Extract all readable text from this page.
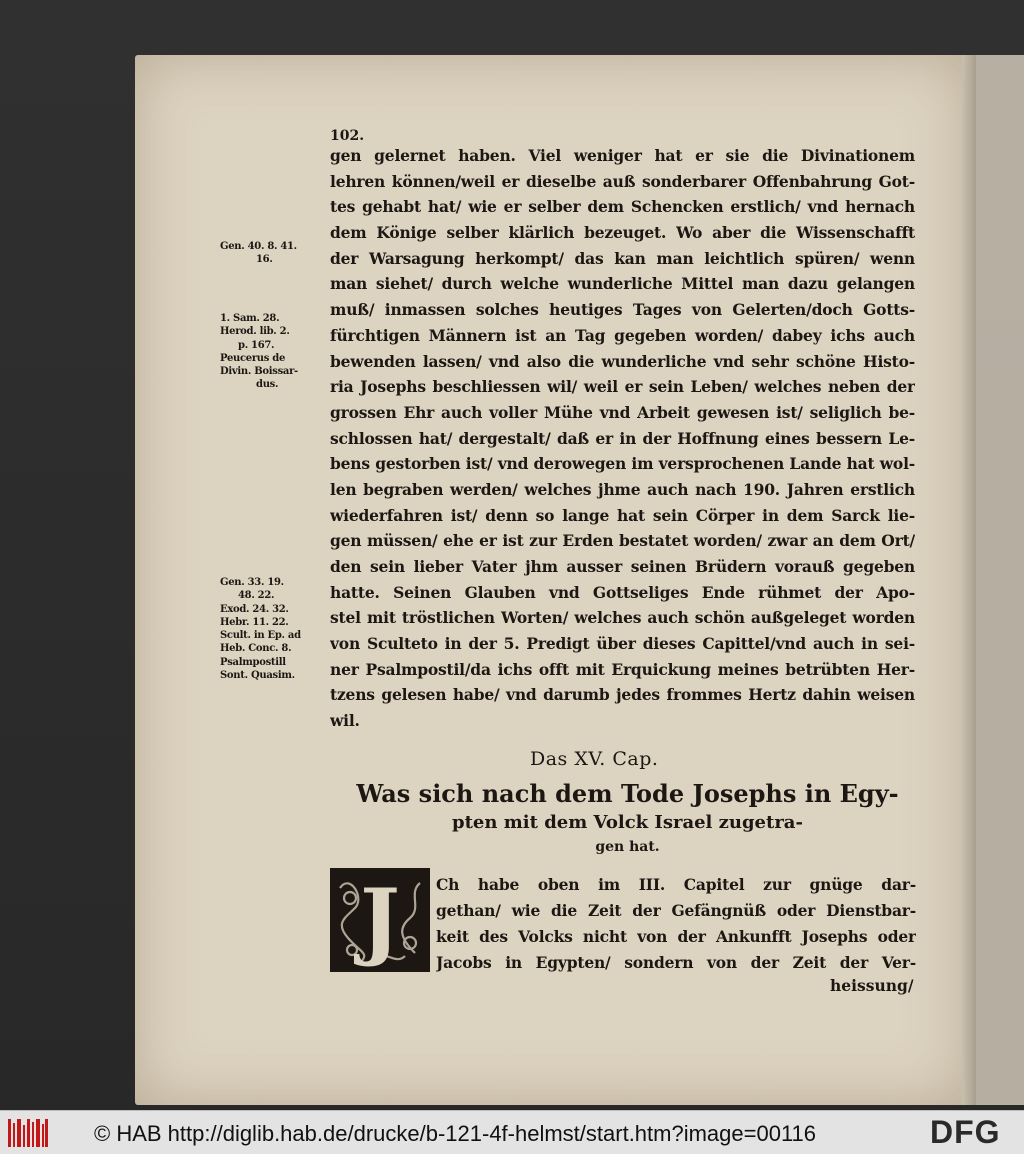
102.
gen gelernet haben. Viel weniger hat er sie die Divinationem
lehren können/weil er dieselbe auß sonderbarer Offenbahrung Got-
tes gehabt hat/ wie er selber dem Schencken erstlich/ vnd hernach
dem Könige selber klärlich bezeuget. Wo aber die Wissenschafft
der Warsagung herkompt/ das kan man leichtlich spüren/ wenn
man siehet/ durch welche wunderliche Mittel man dazu gelangen
muß/ inmassen solches heutiges Tages von Gelerten/doch Gotts-
fürchtigen Männern ist an Tag gegeben worden/ dabey ichs auch
bewenden lassen/ vnd also die wunderliche vnd sehr schöne Histo-
ria Josephs beschliessen wil/ weil er sein Leben/ welches neben der
grossen Ehr auch voller Mühe vnd Arbeit gewesen ist/ seliglich be-
schlossen hat/ dergestalt/ daß er in der Hoffnung eines bessern Le-
bens gestorben ist/ vnd derowegen im versprochenen Lande hat wol-
len begraben werden/ welches jhme auch nach 190. Jahren erstlich
wiederfahren ist/ denn so lange hat sein Cörper in dem Sarck lie-
gen müssen/ ehe er ist zur Erden bestatet worden/ zwar an dem Ort/
den sein lieber Vater jhm ausser seinen Brüdern vorauß gegeben
hatte. Seinen Glauben vnd Gottseliges Ende rühmet der Apo-
stel mit tröstlichen Worten/ welches auch schön außgeleget worden
von Sculteto in der 5. Predigt über dieses Capittel/vnd auch in sei-
ner Psalmpostil/da ichs offt mit Erquickung meines betrübten Her-
tzens gelesen habe/ vnd darumb jedes frommes Hertz dahin weisen
wil.
Gen. 40. 8. 41.
16.
1. Sam. 28.
Herod. lib. 2.
p. 167.
Peucerus de
Divin. Boissar-
dus.
Gen. 33. 19.
48. 22.
Exod. 24. 32.
Hebr. 11. 22.
Scult. in Ep. ad
Heb. Conc. 8.
Psalmpostill
Sont. Quasim.
Das XV. Cap.
Was sich nach dem Tode Josephs in Egy-
pten mit dem Volck Israel zugetra-
gen hat.
J	Ch habe oben im III. Capitel zur gnüge dar-
gethan/ wie die Zeit der Gefängnüß oder Dienstbar-
keit des Volcks nicht von der Ankunfft Josephs oder
Jacobs in Egypten/ sondern von der Zeit der Ver-
heissung/
© HAB http://diglib.hab.de/drucke/b-121-4f-helmst/start.htm?image=00116	DFG
